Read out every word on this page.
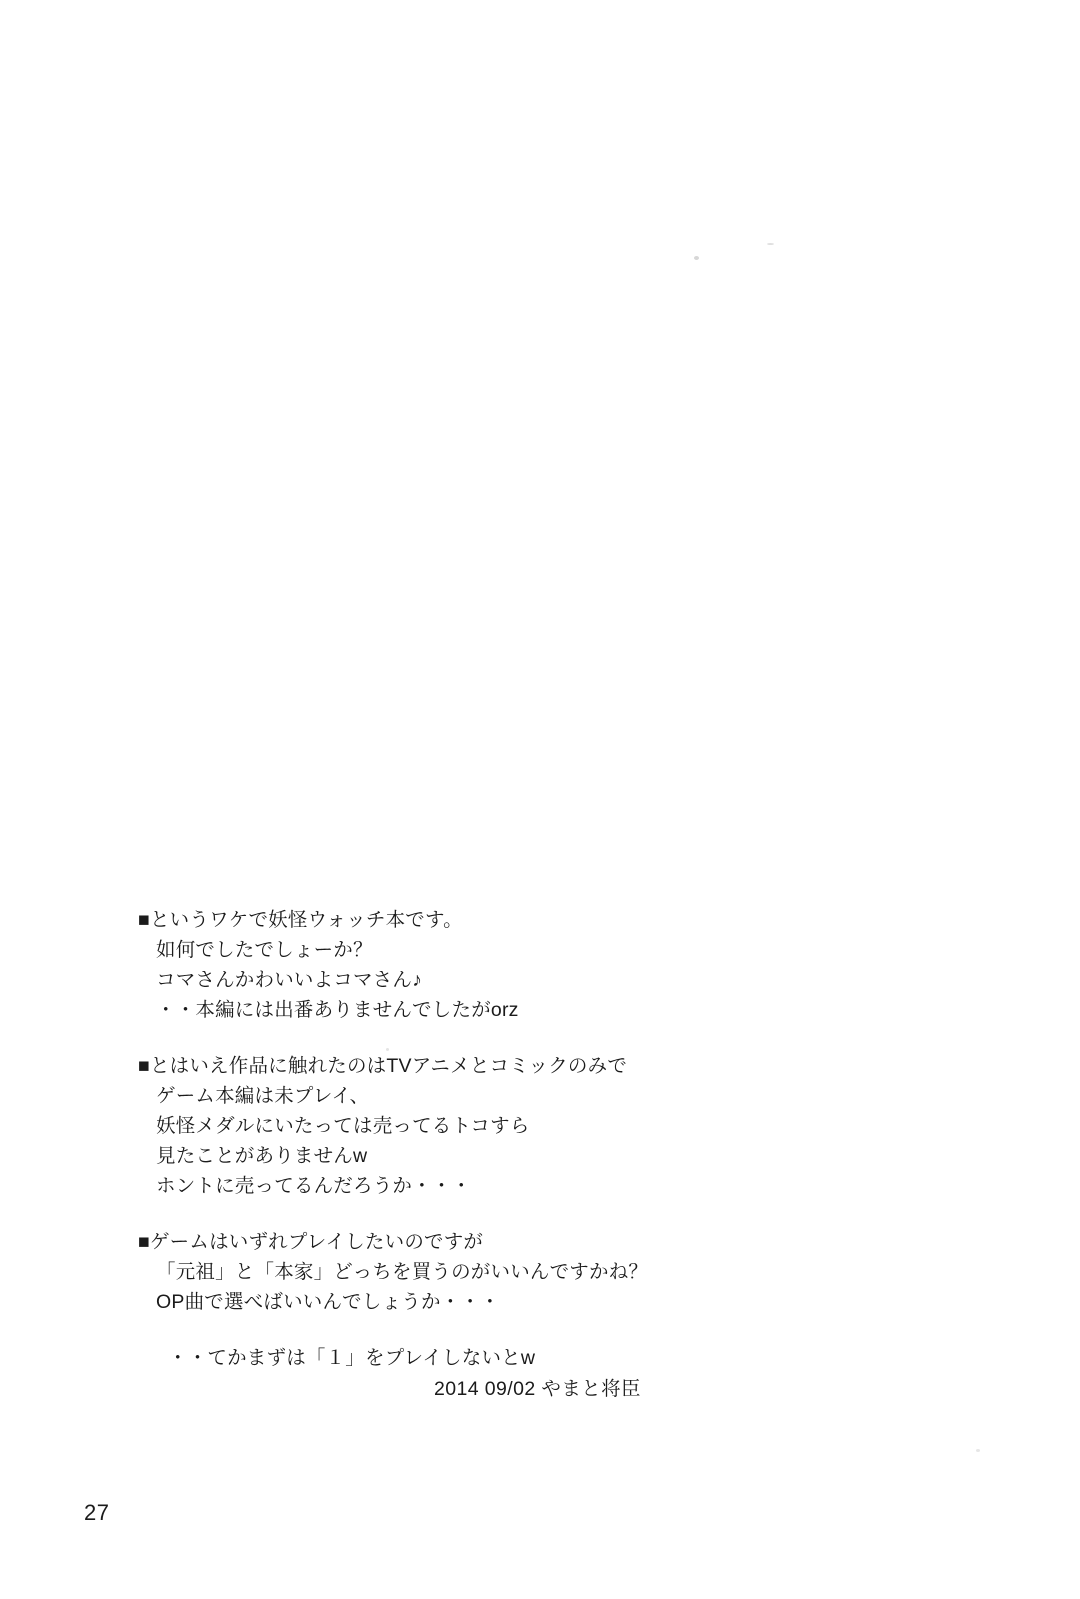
■というワケで妖怪ウォッチ本です。
如何でしたでしょーか？
コマさんかわいいよコマさん♪
・・本編には出番ありませんでしたがorz
■とはいえ作品に触れたのはTVアニメとコミックのみで
ゲーム本編は未プレイ、
妖怪メダルにいたっては売ってるトコすら
見たことがありませんw
ホントに売ってるんだろうか・・・
■ゲームはいずれプレイしたいのですが
「元祖」と「本家」どっちを買うのがいいんですかね？
OP曲で選べばいいんでしょうか・・・
・・てかまずは「１」をプレイしないとw
2014 09/02 やまと将臣
27
